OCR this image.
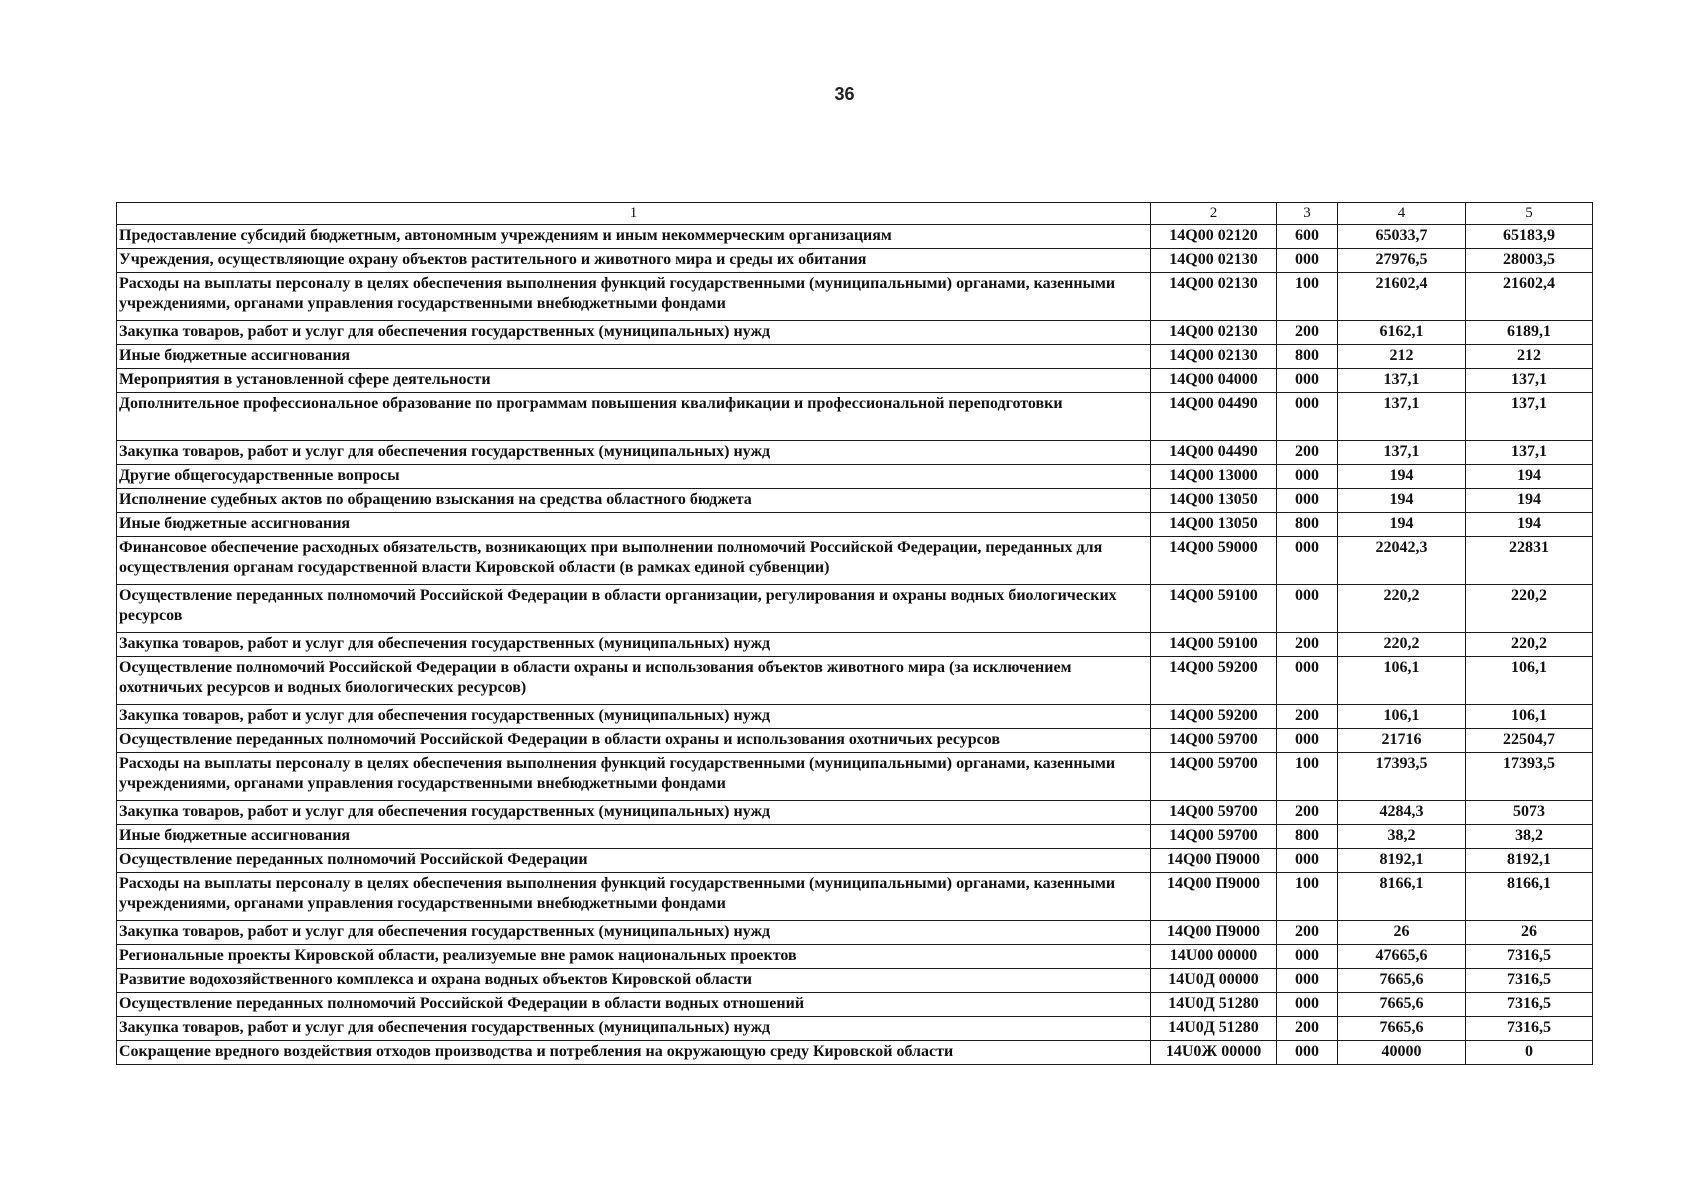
36
1	2	3	4	5
Предоставление субсидий бюджетным, автономным учреждениям и иным некоммерческим организациям	14Q00 02120	600	65033,7	65183,9
Учреждения, осуществляющие охрану объектов растительного и животного мира и среды их обитания	14Q00 02130	000	27976,5	28003,5
Расходы на выплаты персоналу в целях обеспечения выполнения функций государственными (муниципальными) органами, казенными учреждениями, органами управления государственными внебюджетными фондами	14Q00 02130	100	21602,4	21602,4
Закупка товаров, работ и услуг для обеспечения государственных (муниципальных) нужд	14Q00 02130	200	6162,1	6189,1
Иные бюджетные ассигнования	14Q00 02130	800	212	212
Мероприятия в установленной сфере деятельности	14Q00 04000	000	137,1	137,1
Дополнительное профессиональное образование по программам повышения квалификации и профессиональной переподготовки	14Q00 04490	000	137,1	137,1
Закупка товаров, работ и услуг для обеспечения государственных (муниципальных) нужд	14Q00 04490	200	137,1	137,1
Другие общегосударственные вопросы	14Q00 13000	000	194	194
Исполнение судебных актов по обращению взыскания на средства областного бюджета	14Q00 13050	000	194	194
Иные бюджетные ассигнования	14Q00 13050	800	194	194
Финансовое обеспечение расходных обязательств, возникающих при выполнении полномочий Российской Федерации, переданных для осуществления органам государственной власти Кировской области (в рамках единой субвенции)	14Q00 59000	000	22042,3	22831
Осуществление переданных полномочий Российской Федерации в области организации, регулирования и охраны водных биологических ресурсов	14Q00 59100	000	220,2	220,2
Закупка товаров, работ и услуг для обеспечения государственных (муниципальных) нужд	14Q00 59100	200	220,2	220,2
Осуществление полномочий Российской Федерации в области охраны и использования объектов животного мира (за исключением охотничьих ресурсов и водных биологических ресурсов)	14Q00 59200	000	106,1	106,1
Закупка товаров, работ и услуг для обеспечения государственных (муниципальных) нужд	14Q00 59200	200	106,1	106,1
Осуществление переданных полномочий Российской Федерации в области охраны и использования охотничьих ресурсов	14Q00 59700	000	21716	22504,7
Расходы на выплаты персоналу в целях обеспечения выполнения функций государственными (муниципальными) органами, казенными учреждениями, органами управления государственными внебюджетными фондами	14Q00 59700	100	17393,5	17393,5
Закупка товаров, работ и услуг для обеспечения государственных (муниципальных) нужд	14Q00 59700	200	4284,3	5073
Иные бюджетные ассигнования	14Q00 59700	800	38,2	38,2
Осуществление переданных полномочий Российской Федерации	14Q00 П9000	000	8192,1	8192,1
Расходы на выплаты персоналу в целях обеспечения выполнения функций государственными (муниципальными) органами, казенными учреждениями, органами управления государственными внебюджетными фондами	14Q00 П9000	100	8166,1	8166,1
Закупка товаров, работ и услуг для обеспечения государственных (муниципальных) нужд	14Q00 П9000	200	26	26
Региональные проекты Кировской области, реализуемые вне рамок национальных проектов	14U00 00000	000	47665,6	7316,5
Развитие водохозяйственного комплекса и охрана водных объектов Кировской области	14U0Д 00000	000	7665,6	7316,5
Осуществление переданных полномочий Российской Федерации в области водных отношений	14U0Д 51280	000	7665,6	7316,5
Закупка товаров, работ и услуг для обеспечения государственных (муниципальных) нужд	14U0Д 51280	200	7665,6	7316,5
Сокращение вредного воздействия отходов производства и потребления на окружающую среду Кировской области	14U0Ж 00000	000	40000	0
